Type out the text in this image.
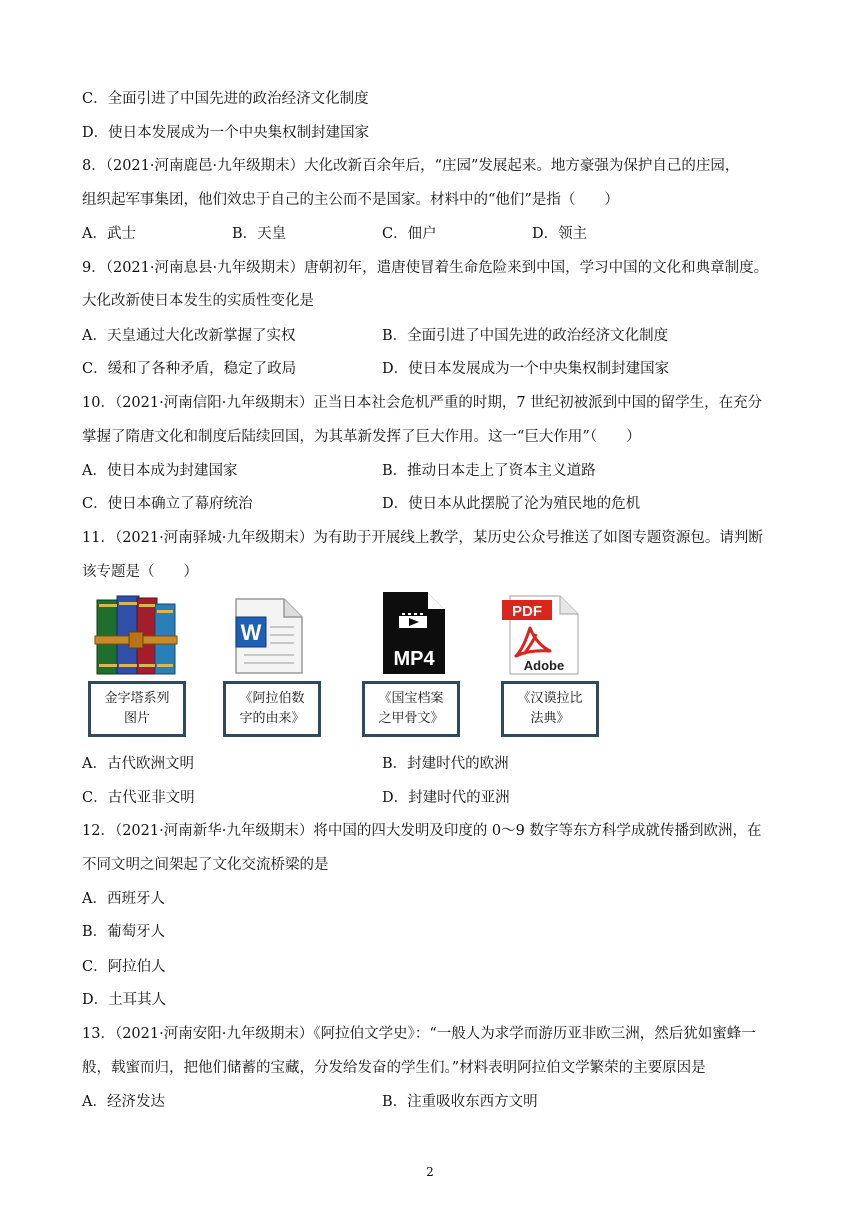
C．全面引进了中国先进的政治经济文化制度
D．使日本发展成为一个中央集权制封建国家
8．（2021·河南鹿邑·九年级期末）大化改新百余年后，“庄园”发展起来。地方豪强为保护自己的庄园，
组织起军事集团，他们效忠于自己的主公而不是国家。材料中的“他们”是指（　　）
A．武士	B．天皇	C．佃户	D．领主
9．（2021·河南息县·九年级期末）唐朝初年，遣唐使冒着生命危险来到中国，学习中国的文化和典章制度。
大化改新使日本发生的实质性变化是
A．天皇通过大化改新掌握了实权	B．全面引进了中国先进的政治经济文化制度
C．缓和了各种矛盾，稳定了政局	D．使日本发展成为一个中央集权制封建国家
10．（2021·河南信阳·九年级期末）正当日本社会危机严重的时期，7 世纪初被派到中国的留学生，在充分
掌握了隋唐文化和制度后陆续回国，为其革新发挥了巨大作用。这一“巨大作用”（　　）
A．使日本成为封建国家	B．推动日本走上了资本主义道路
C．使日本确立了幕府统治	D．使日本从此摆脱了沦为殖民地的危机
11．（2021·河南驿城·九年级期末）为有助于开展线上教学，某历史公众号推送了如图专题资源包。请判断
该专题是（　　）
W
MP4
PDF
Adobe
金字塔系列
图片
《阿拉伯数
字的由来》
《国宝档案
之甲骨文》
《汉谟拉比
法典》
A．古代欧洲文明	B．封建时代的欧洲
C．古代亚非文明	D．封建时代的亚洲
12．（2021·河南新华·九年级期末）将中国的四大发明及印度的 0～9 数字等东方科学成就传播到欧洲，在
不同文明之间架起了文化交流桥梁的是
A．西班牙人
B．葡萄牙人
C．阿拉伯人
D．土耳其人
13．（2021·河南安阳·九年级期末）《阿拉伯文学史》：“一般人为求学而游历亚非欧三洲，然后犹如蜜蜂一
般，载蜜而归，把他们储蓄的宝藏，分发给发奋的学生们。”材料表明阿拉伯文学繁荣的主要原因是
A．经济发达	B．注重吸收东西方文明
2
